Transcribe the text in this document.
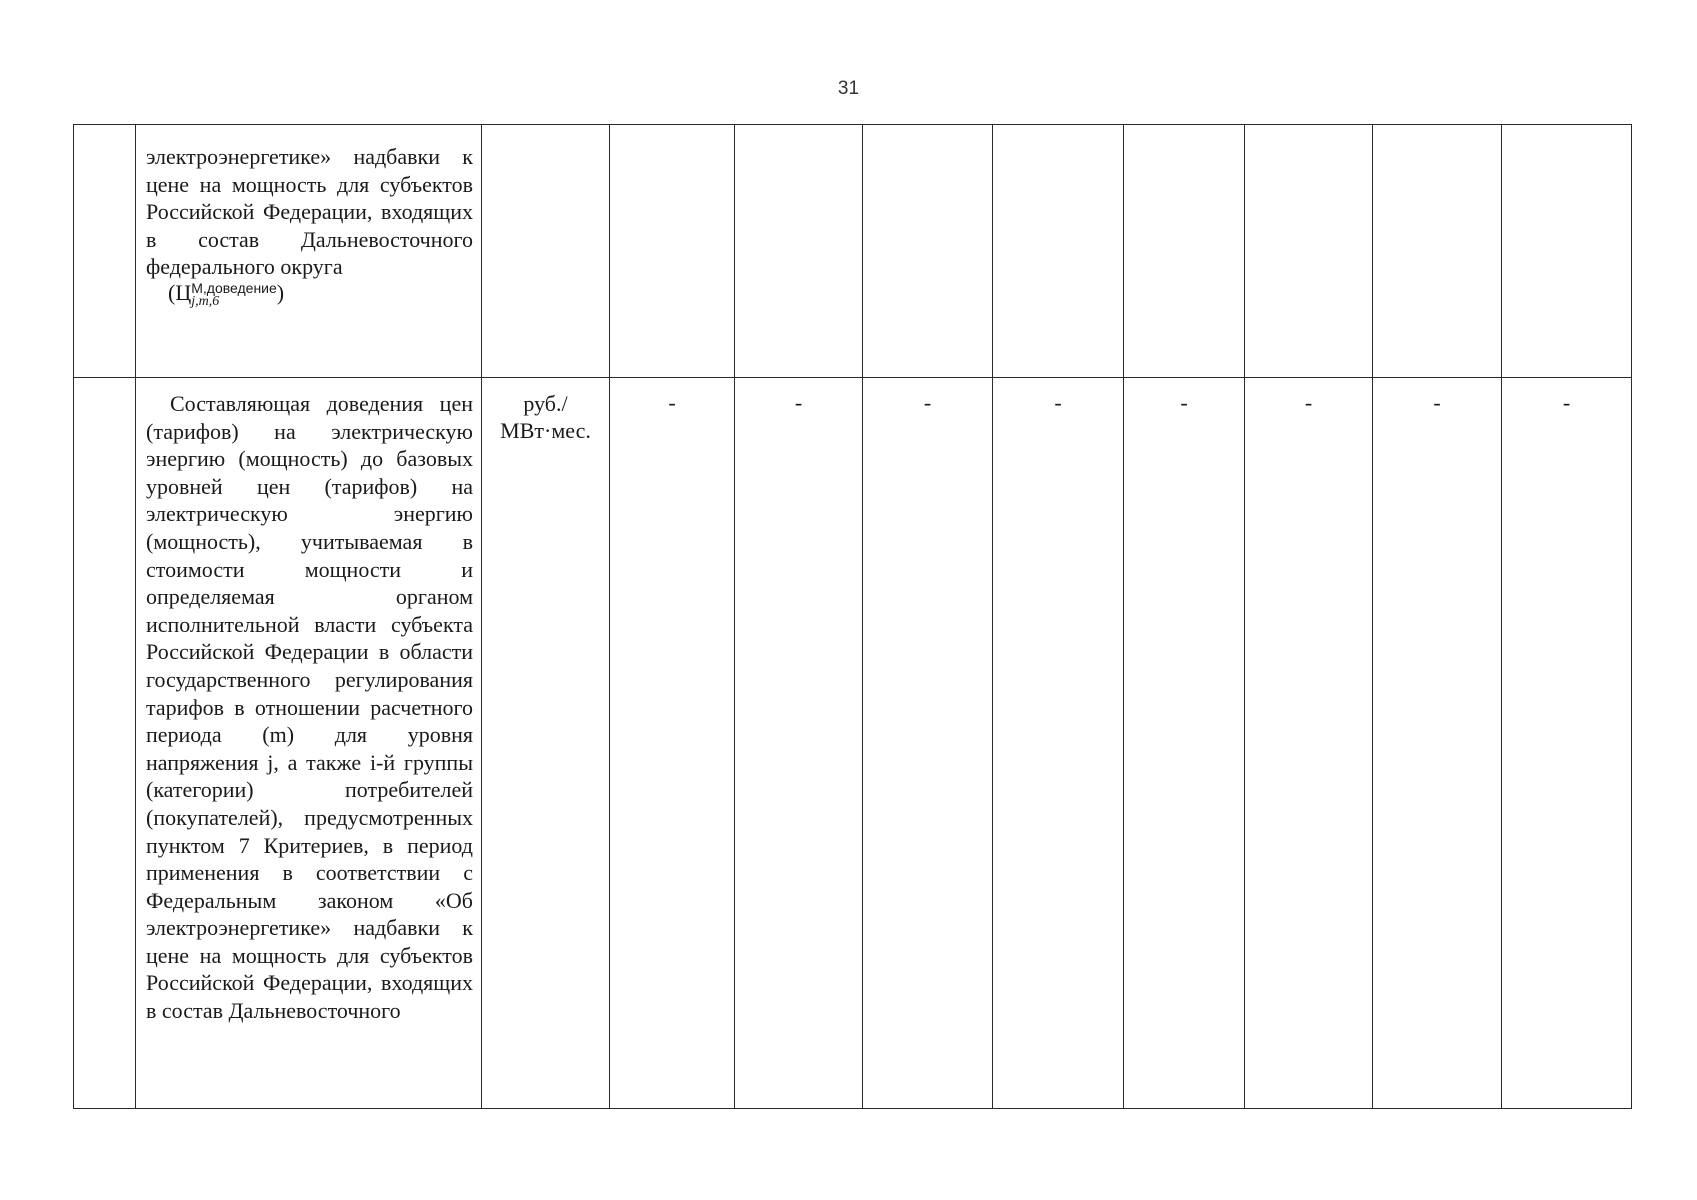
31

	электроэнергетике» надбавки к цене на мощность для субъектов Российской Федерации, входящих в состав Дальневосточного федерального округа
(Ц М,доведение
j,m,6 )									

	Составляющая доведения цен (тарифов) на электрическую энергию (мощность) до базовых уровней цен (тарифов) на электрическую энергию (мощность), учитываемая в стоимости мощности и определяемая органом исполнительной власти субъекта Российской Федерации в области государственного регулирования тарифов в отношении расчетного периода (m) для уровня напряжения j, а также i-й группы (категории) потребителей (покупателей), предусмотренных пунктом 7 Критериев, в период применения в соответствии с Федеральным законом «Об электроэнергетике» надбавки к цене на мощность для субъектов Российской Федерации, входящих в состав Дальневосточного	руб./ МВт·мес.	-	-	-	-	-	-	-	-
